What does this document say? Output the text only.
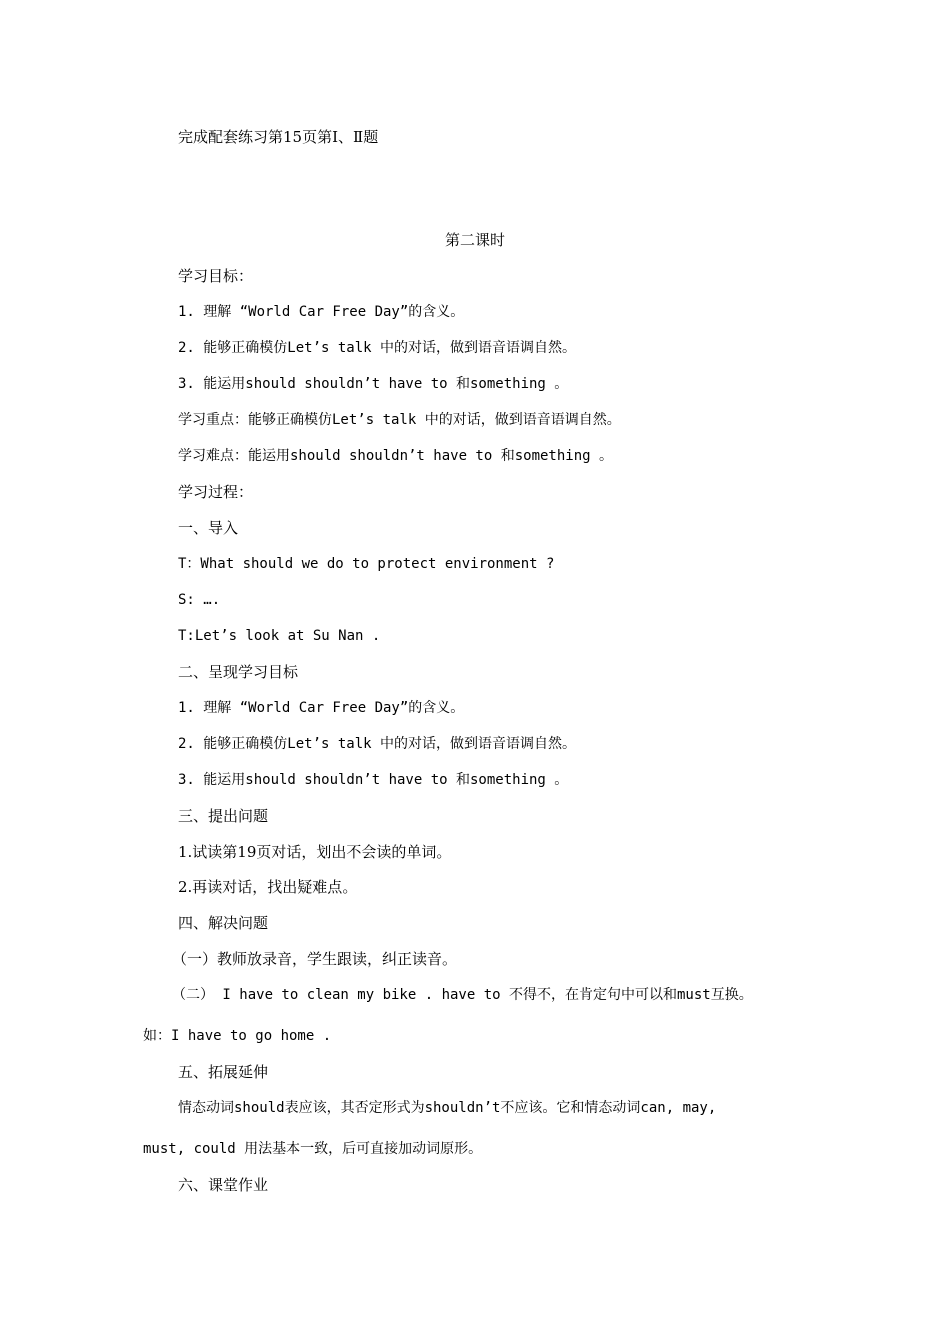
完成配套练习第15页第Ⅰ、Ⅱ题
第二课时
学习目标：
1. 理解 “World Car Free Day”的含义。
2. 能够正确模仿Let’s talk 中的对话，做到语音语调自然。
3. 能运用should shouldn’t have to 和something 。
学习重点：能够正确模仿Let’s talk 中的对话，做到语音语调自然。
学习难点：能运用should shouldn’t have to 和something 。
学习过程：
一、导入
T：What should we do to protect environment ?
S: ….
T:Let’s look at Su Nan .
二、呈现学习目标
1. 理解 “World Car Free Day”的含义。
2. 能够正确模仿Let’s talk 中的对话，做到语音语调自然。
3. 能运用should shouldn’t have to 和something 。
三、提出问题
1.试读第19页对话，划出不会读的单词。
2.再读对话，找出疑难点。
四、解决问题
（一）教师放录音，学生跟读，纠正读音。
（二） I have to clean my bike . have to 不得不，在肯定句中可以和must互换。
如：I have to go home .
五、拓展延伸
情态动词should表应该，其否定形式为shouldn’t不应该。它和情态动词can, may,
must, could 用法基本一致，后可直接加动词原形。
六、课堂作业
